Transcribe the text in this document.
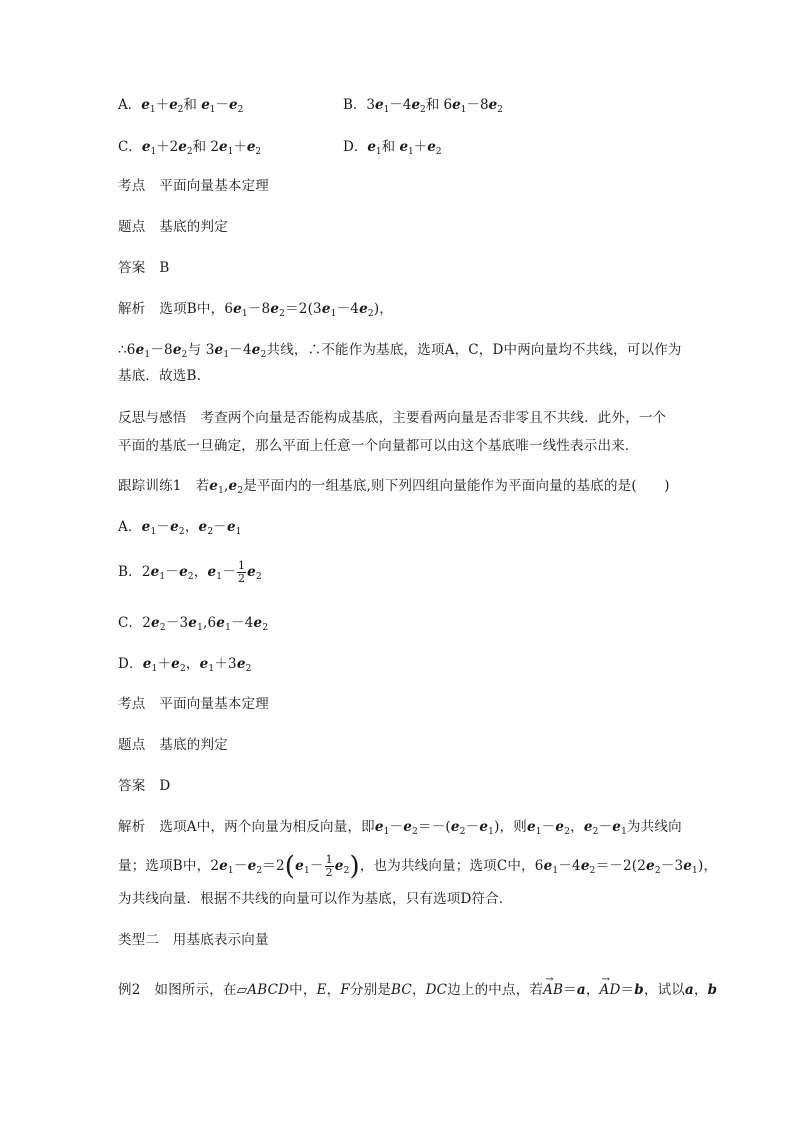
A．$e_1+e_2$和 $e_1-e_2$	B．$3e_1-4e_2$和 $6e_1-8e_2$
C．$e_1+2e_2$和 $2e_1+e_2$	D．$e_1$和 $e_1+e_2$
考点 平面向量基本定理
题点 基底的判定
答案 B
解析 选项B中，$6e_1-8e_2=2(3e_1-4e_2)$，
$\therefore 6e_1-8e_2$与 $3e_1-4e_2$共线，∴不能作为基底，选项A，C，D中两向量均不共线，可以作为
基底．故选B.
反思与感悟 考查两个向量是否能构成基底，主要看两向量是否非零且不共线．此外，一个平面的基底一旦确定，那么平面上任意一个向量都可以由这个基底唯一线性表示出来．
跟踪训练1 若$e_1,e_2$是平面内的一组基底,则下列四组向量能作为平面向量的基底的是(　　)
A．$e_1-e_2$，$e_2-e_1$
B．$2e_1-e_2$，$e_1- \frac{1}{2} e_2$
C．$2e_2-3e_1,6e_1-4e_2$
D．$e_1+e_2$，$e_1+3e_2$
考点 平面向量基本定理
题点 基底的判定
答案 D
解析 选项A中，两个向量为相反向量，即$e_1-e_2=-(e_2-e_1)$，则$e_1-e_2$，$e_2-e_1$为共线向
量；选项B中，$2e_1-e_2=2(e_1- \frac{1}{2} e_2)$，也为共线向量；选项C中，$6e_1-4e_2=-2(2e_2-3e_1)$，
为共线向量．根据不共线的向量可以作为基底，只有选项D符合．
类型二　用基底表示向量
例2 如图所示，在▱ABCD中，E，F分别是BC，DC边上的中点，若→ AB＝a，→ AD＝b，试以a，b
